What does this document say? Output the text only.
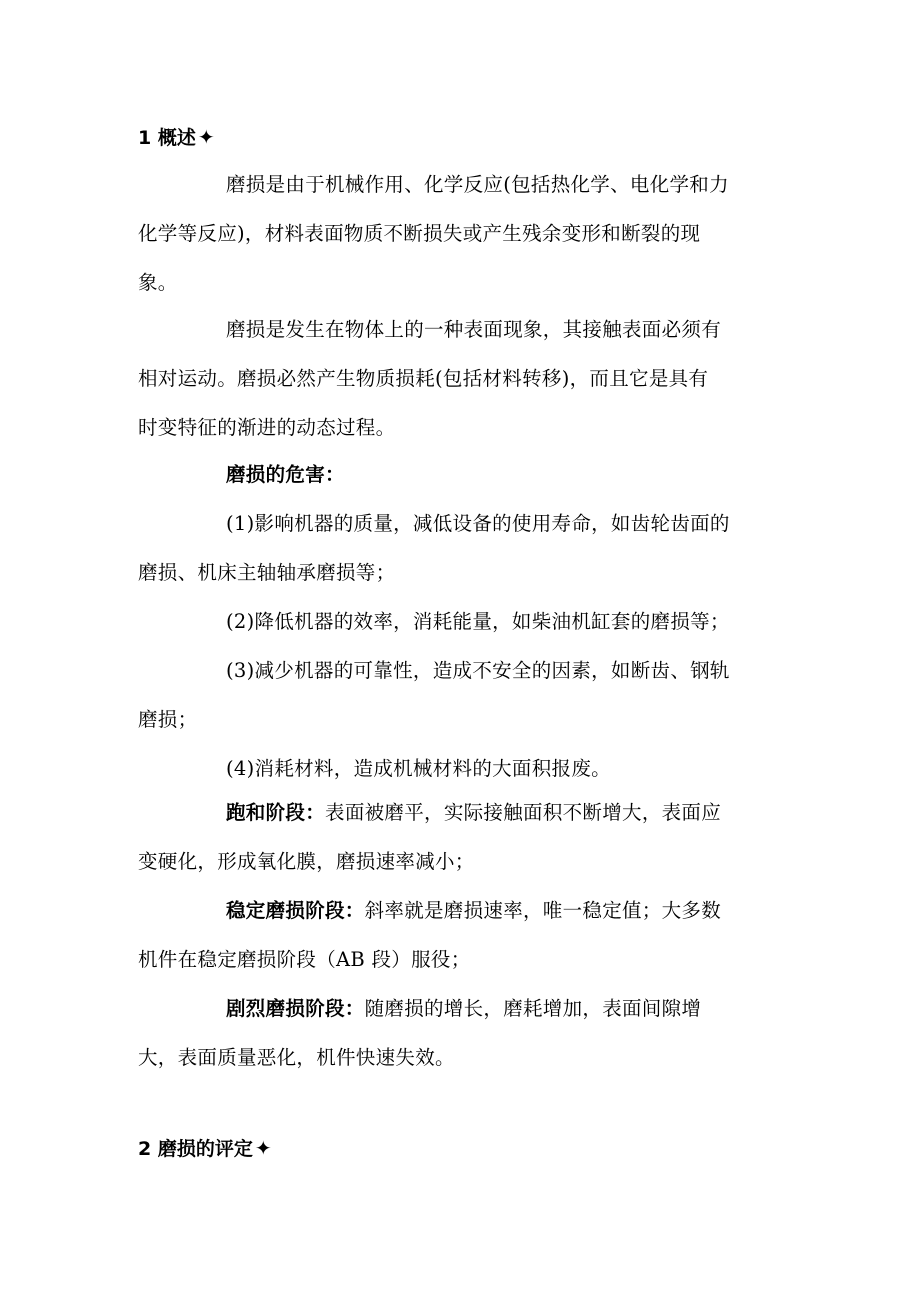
1 概述 ✦
磨损是由于机械作用、化学反应(包括热化学、电化学和力
化学等反应)，材料表面物质不断损失或产生残余变形和断裂的现
象。
磨损是发生在物体上的一种表面现象，其接触表面必须有
相对运动。磨损必然产生物质损耗(包括材料转移)，而且它是具有
时变特征的渐进的动态过程。
磨损的危害：
(1)影响机器的质量，减低设备的使用寿命，如齿轮齿面的
磨损、机床主轴轴承磨损等；
(2)降低机器的效率，消耗能量，如柴油机缸套的磨损等；
(3)减少机器的可靠性，造成不安全的因素，如断齿、钢轨
磨损；
(4)消耗材料，造成机械材料的大面积报废。
跑和阶段：表面被磨平，实际接触面积不断增大，表面应
变硬化，形成氧化膜，磨损速率减小；
稳定磨损阶段：斜率就是磨损速率，唯一稳定值；大多数
机件在稳定磨损阶段（AB 段）服役；
剧烈磨损阶段：随磨损的增长，磨耗增加，表面间隙增
大，表面质量恶化，机件快速失效。
2 磨损的评定 ✦
